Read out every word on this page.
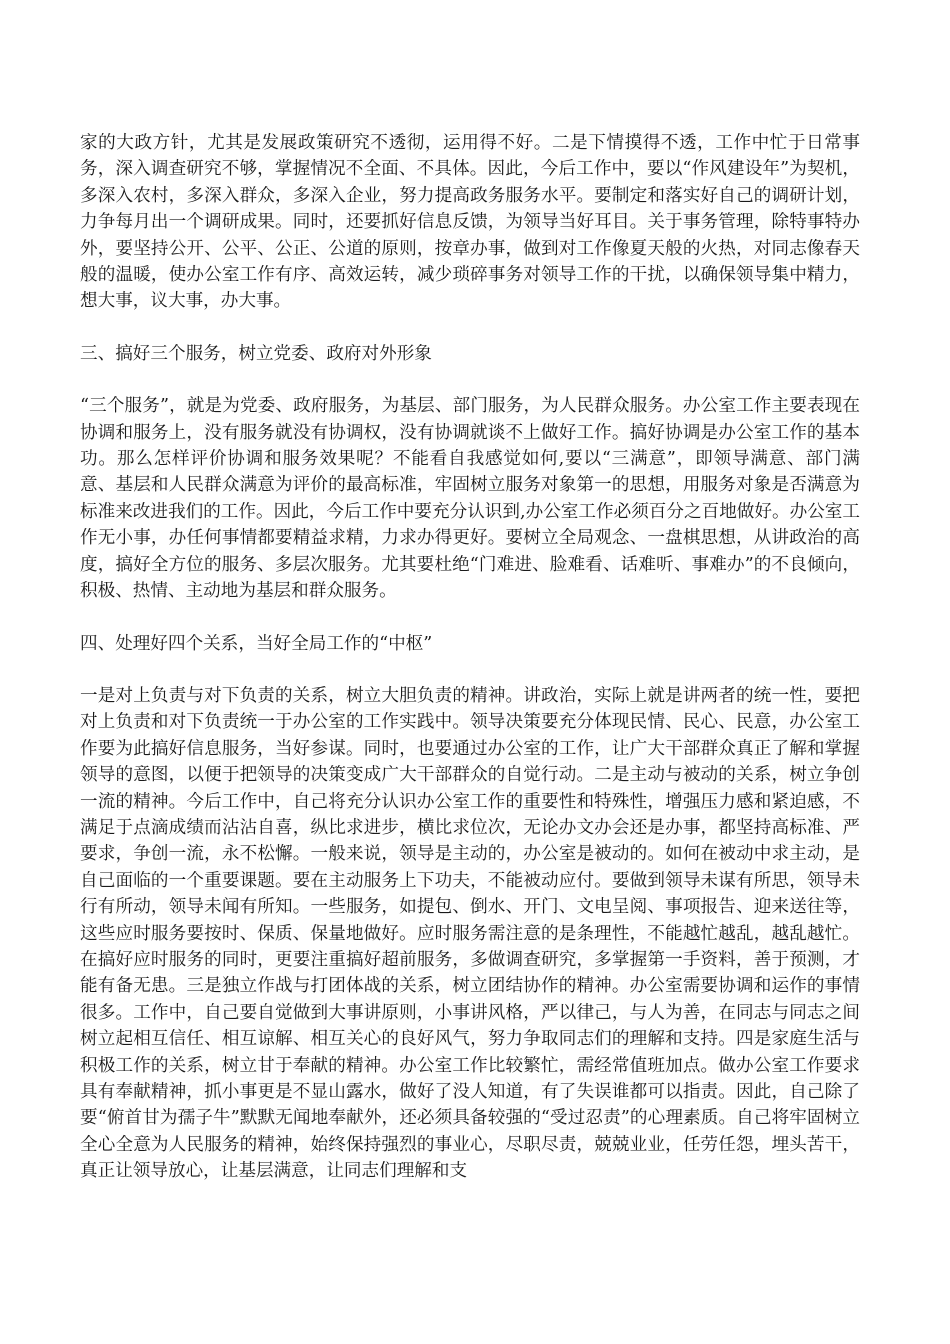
家的大政方针，尤其是发展政策研究不透彻，运用得不好。二是下情摸得不透，工作中忙于日常事务，深入调查研究不够，掌握情况不全面、不具体。因此，今后工作中，要以“作风建设年”为契机，多深入农村，多深入群众，多深入企业，努力提高政务服务水平。要制定和落实好自己的调研计划，力争每月出一个调研成果。同时，还要抓好信息反馈，为领导当好耳目。关于事务管理，除特事特办外，要坚持公开、公平、公正、公道的原则，按章办事，做到对工作像夏天般的火热，对同志像春天般的温暖，使办公室工作有序、高效运转，减少琐碎事务对领导工作的干扰，以确保领导集中精力，想大事，议大事，办大事。

三、搞好三个服务，树立党委、政府对外形象

“三个服务”，就是为党委、政府服务，为基层、部门服务，为人民群众服务。办公室工作主要表现在协调和服务上，没有服务就没有协调权，没有协调就谈不上做好工作。搞好协调是办公室工作的基本功。那么怎样评价协调和服务效果呢？不能看自我感觉如何,要以“三满意”，即领导满意、部门满意、基层和人民群众满意为评价的最高标准，牢固树立服务对象第一的思想，用服务对象是否满意为标准来改进我们的工作。因此，今后工作中要充分认识到,办公室工作必须百分之百地做好。办公室工作无小事，办任何事情都要精益求精，力求办得更好。要树立全局观念、一盘棋思想，从讲政治的高度，搞好全方位的服务、多层次服务。尤其要杜绝“门难进、脸难看、话难听、事难办”的不良倾向，积极、热情、主动地为基层和群众服务。

四、处理好四个关系，当好全局工作的“中枢”

一是对上负责与对下负责的关系，树立大胆负责的精神。讲政治，实际上就是讲两者的统一性，要把对上负责和对下负责统一于办公室的工作实践中。领导决策要充分体现民情、民心、民意，办公室工作要为此搞好信息服务，当好参谋。同时，也要通过办公室的工作，让广大干部群众真正了解和掌握领导的意图，以便于把领导的决策变成广大干部群众的自觉行动。二是主动与被动的关系，树立争创一流的精神。今后工作中，自己将充分认识办公室工作的重要性和特殊性，增强压力感和紧迫感，不满足于点滴成绩而沾沾自喜，纵比求进步，横比求位次，无论办文办会还是办事，都坚持高标准、严要求，争创一流，永不松懈。一般来说，领导是主动的，办公室是被动的。如何在被动中求主动，是自己面临的一个重要课题。要在主动服务上下功夫，不能被动应付。要做到领导未谋有所思，领导未行有所动，领导未闻有所知。一些服务，如提包、倒水、开门、文电呈阅、事项报告、迎来送往等，这些应时服务要按时、保质、保量地做好。应时服务需注意的是条理性，不能越忙越乱，越乱越忙。在搞好应时服务的同时，更要注重搞好超前服务，多做调查研究，多掌握第一手资料，善于预测，才能有备无患。三是独立作战与打团体战的关系，树立团结协作的精神。办公室需要协调和运作的事情很多。工作中，自己要自觉做到大事讲原则，小事讲风格，严以律己，与人为善，在同志与同志之间树立起相互信任、相互谅解、相互关心的良好风气，努力争取同志们的理解和支持。四是家庭生活与积极工作的关系，树立甘于奉献的精神。办公室工作比较繁忙，需经常值班加点。做办公室工作要求具有奉献精神，抓小事更是不显山露水，做好了没人知道，有了失误谁都可以指责。因此，自己除了要“俯首甘为孺子牛”默默无闻地奉献外，还必须具备较强的“受过忍责”的心理素质。自己将牢固树立全心全意为人民服务的精神，始终保持强烈的事业心，尽职尽责，兢兢业业，任劳任怨，埋头苦干，真正让领导放心，让基层满意，让同志们理解和支
